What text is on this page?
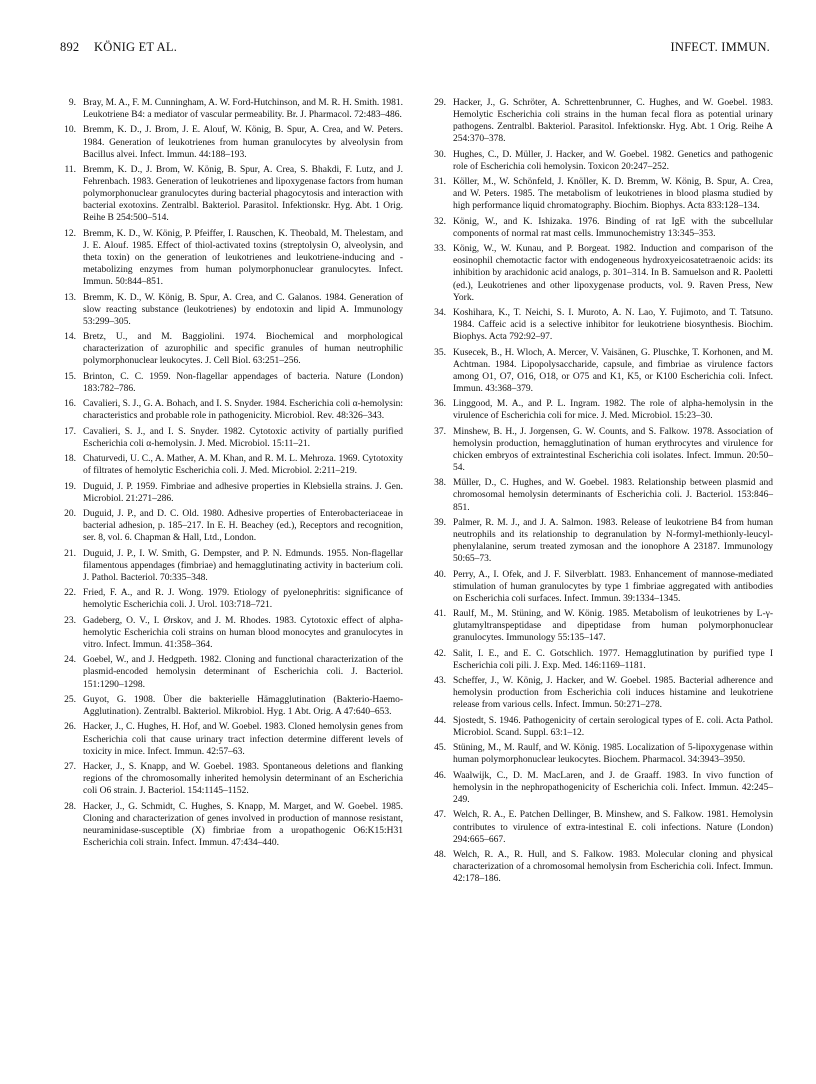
892 KÖNIG ET AL.	INFECT. IMMUN.
9. Bray, M. A., F. M. Cunningham, A. W. Ford-Hutchinson, and M. R. H. Smith. 1981. Leukotriene B4: a mediator of vascular permeability. Br. J. Pharmacol. 72:483–486.
10. Bremm, K. D., J. Brom, J. E. Alouf, W. König, B. Spur, A. Crea, and W. Peters. 1984. Generation of leukotrienes from human granulocytes by alveolysin from Bacillus alvei. Infect. Immun. 44:188–193.
11. Bremm, K. D., J. Brom, W. König, B. Spur, A. Crea, S. Bhakdi, F. Lutz, and J. Fehrenbach. 1983. Generation of leukotrienes and lipoxygenase factors from human polymorphonuclear granulocytes during bacterial phagocytosis and interaction with bacterial exotoxins. Zentralbl. Bakteriol. Parasitol. Infektionskr. Hyg. Abt. 1 Orig. Reihe B 254:500–514.
12. Bremm, K. D., W. König, P. Pfeiffer, I. Rauschen, K. Theobald, M. Thelestam, and J. E. Alouf. 1985. Effect of thiol-activated toxins (streptolysin O, alveolysin, and theta toxin) on the generation of leukotrienes and leukotriene-inducing and -metabolizing enzymes from human polymorphonuclear granulocytes. Infect. Immun. 50:844–851.
13. Bremm, K. D., W. König, B. Spur, A. Crea, and C. Galanos. 1984. Generation of slow reacting substance (leukotrienes) by endotoxin and lipid A. Immunology 53:299–305.
14. Bretz, U., and M. Baggiolini. 1974. Biochemical and morphological characterization of azurophilic and specific granules of human neutrophilic polymorphonuclear leukocytes. J. Cell Biol. 63:251–256.
15. Brinton, C. C. 1959. Non-flagellar appendages of bacteria. Nature (London) 183:782–786.
16. Cavalieri, S. J., G. A. Bohach, and I. S. Snyder. 1984. Escherichia coli α-hemolysin: characteristics and probable role in pathogenicity. Microbiol. Rev. 48:326–343.
17. Cavalieri, S. J., and I. S. Snyder. 1982. Cytotoxic activity of partially purified Escherichia coli α-hemolysin. J. Med. Microbiol. 15:11–21.
18. Chaturvedi, U. C., A. Mather, A. M. Khan, and R. M. L. Mehroza. 1969. Cytotoxity of filtrates of hemolytic Escherichia coli. J. Med. Microbiol. 2:211–219.
19. Duguid, J. P. 1959. Fimbriae and adhesive properties in Klebsiella strains. J. Gen. Microbiol. 21:271–286.
20. Duguid, J. P., and D. C. Old. 1980. Adhesive properties of Enterobacteriaceae in bacterial adhesion, p. 185–217. In E. H. Beachey (ed.), Receptors and recognition, ser. 8, vol. 6. Chapman & Hall, Ltd., London.
21. Duguid, J. P., I. W. Smith, G. Dempster, and P. N. Edmunds. 1955. Non-flagellar filamentous appendages (fimbriae) and hemagglutinating activity in bacterium coli. J. Pathol. Bacteriol. 70:335–348.
22. Fried, F. A., and R. J. Wong. 1979. Etiology of pyelonephritis: significance of hemolytic Escherichia coli. J. Urol. 103:718–721.
23. Gadeberg, O. V., I. Ørskov, and J. M. Rhodes. 1983. Cytotoxic effect of alpha-hemolytic Escherichia coli strains on human blood monocytes and granulocytes in vitro. Infect. Immun. 41:358–364.
24. Goebel, W., and J. Hedgpeth. 1982. Cloning and functional characterization of the plasmid-encoded hemolysin determinant of Escherichia coli. J. Bacteriol. 151:1290–1298.
25. Guyot, G. 1908. Über die bakterielle Hämagglutination (Bakterio-Haemo-Agglutination). Zentralbl. Bakteriol. Mikrobiol. Hyg. 1 Abt. Orig. A 47:640–653.
26. Hacker, J., C. Hughes, H. Hof, and W. Goebel. 1983. Cloned hemolysin genes from Escherichia coli that cause urinary tract infection determine different levels of toxicity in mice. Infect. Immun. 42:57–63.
27. Hacker, J., S. Knapp, and W. Goebel. 1983. Spontaneous deletions and flanking regions of the chromosomally inherited hemolysin determinant of an Escherichia coli O6 strain. J. Bacteriol. 154:1145–1152.
28. Hacker, J., G. Schmidt, C. Hughes, S. Knapp, M. Marget, and W. Goebel. 1985. Cloning and characterization of genes involved in production of mannose resistant, neuraminidase-susceptible (X) fimbriae from a uropathogenic O6:K15:H31 Escherichia coli strain. Infect. Immun. 47:434–440.
29. Hacker, J., G. Schröter, A. Schrettenbrunner, C. Hughes, and W. Goebel. 1983. Hemolytic Escherichia coli strains in the human fecal flora as potential urinary pathogens. Zentralbl. Bakteriol. Parasitol. Infektionskr. Hyg. Abt. 1 Orig. Reihe A 254:370–378.
30. Hughes, C., D. Müller, J. Hacker, and W. Goebel. 1982. Genetics and pathogenic role of Escherichia coli hemolysin. Toxicon 20:247–252.
31. Köller, M., W. Schönfeld, J. Knöller, K. D. Bremm, W. König, B. Spur, A. Crea, and W. Peters. 1985. The metabolism of leukotrienes in blood plasma studied by high performance liquid chromatography. Biochim. Biophys. Acta 833:128–134.
32. König, W., and K. Ishizaka. 1976. Binding of rat IgE with the subcellular components of normal rat mast cells. Immunochemistry 13:345–353.
33. König, W., W. Kunau, and P. Borgeat. 1982. Induction and comparison of the eosinophil chemotactic factor with endogeneous hydroxyeicosatetraenoic acids: its inhibition by arachidonic acid analogs, p. 301–314. In B. Samuelson and R. Paoletti (ed.), Leukotrienes and other lipoxygenase products, vol. 9. Raven Press, New York.
34. Koshihara, K., T. Neichi, S. I. Muroto, A. N. Lao, Y. Fujimoto, and T. Tatsuno. 1984. Caffeic acid is a selective inhibitor for leukotriene biosynthesis. Biochim. Biophys. Acta 792:92–97.
35. Kusecek, B., H. Wloch, A. Mercer, V. Vaisänen, G. Pluschke, T. Korhonen, and M. Achtman. 1984. Lipopolysaccharide, capsule, and fimbriae as virulence factors among O1, O7, O16, O18, or O75 and K1, K5, or K100 Escherichia coli. Infect. Immun. 43:368–379.
36. Linggood, M. A., and P. L. Ingram. 1982. The role of alpha-hemolysin in the virulence of Escherichia coli for mice. J. Med. Microbiol. 15:23–30.
37. Minshew, B. H., J. Jorgensen, G. W. Counts, and S. Falkow. 1978. Association of hemolysin production, hemagglutination of human erythrocytes and virulence for chicken embryos of extraintestinal Escherichia coli isolates. Infect. Immun. 20:50–54.
38. Müller, D., C. Hughes, and W. Goebel. 1983. Relationship between plasmid and chromosomal hemolysin determinants of Escherichia coli. J. Bacteriol. 153:846–851.
39. Palmer, R. M. J., and J. A. Salmon. 1983. Release of leukotriene B4 from human neutrophils and its relationship to degranulation by N-formyl-methionly-leucyl-phenylalanine, serum treated zymosan and the ionophore A 23187. Immunology 50:65–73.
40. Perry, A., I. Ofek, and J. F. Silverblatt. 1983. Enhancement of mannose-mediated stimulation of human granulocytes by type 1 fimbriae aggregated with antibodies on Escherichia coli surfaces. Infect. Immun. 39:1334–1345.
41. Raulf, M., M. Stüning, and W. König. 1985. Metabolism of leukotrienes by L-γ-glutamyltranspeptidase and dipeptidase from human polymorphonuclear granulocytes. Immunology 55:135–147.
42. Salit, I. E., and E. C. Gotschlich. 1977. Hemagglutination by purified type I Escherichia coli pili. J. Exp. Med. 146:1169–1181.
43. Scheffer, J., W. König, J. Hacker, and W. Goebel. 1985. Bacterial adherence and hemolysin production from Escherichia coli induces histamine and leukotriene release from various cells. Infect. Immun. 50:271–278.
44. Sjostedt, S. 1946. Pathogenicity of certain serological types of E. coli. Acta Pathol. Microbiol. Scand. Suppl. 63:1–12.
45. Stüning, M., M. Raulf, and W. König. 1985. Localization of 5-lipoxygenase within human polymorphonuclear leukocytes. Biochem. Pharmacol. 34:3943–3950.
46. Waalwijk, C., D. M. MacLaren, and J. de Graaff. 1983. In vivo function of hemolysin in the nephropathogenicity of Escherichia coli. Infect. Immun. 42:245–249.
47. Welch, R. A., E. Patchen Dellinger, B. Minshew, and S. Falkow. 1981. Hemolysin contributes to virulence of extra-intestinal E. coli infections. Nature (London) 294:665–667.
48. Welch, R. A., R. Hull, and S. Falkow. 1983. Molecular cloning and physical characterization of a chromosomal hemolysin from Escherichia coli. Infect. Immun. 42:178–186.
